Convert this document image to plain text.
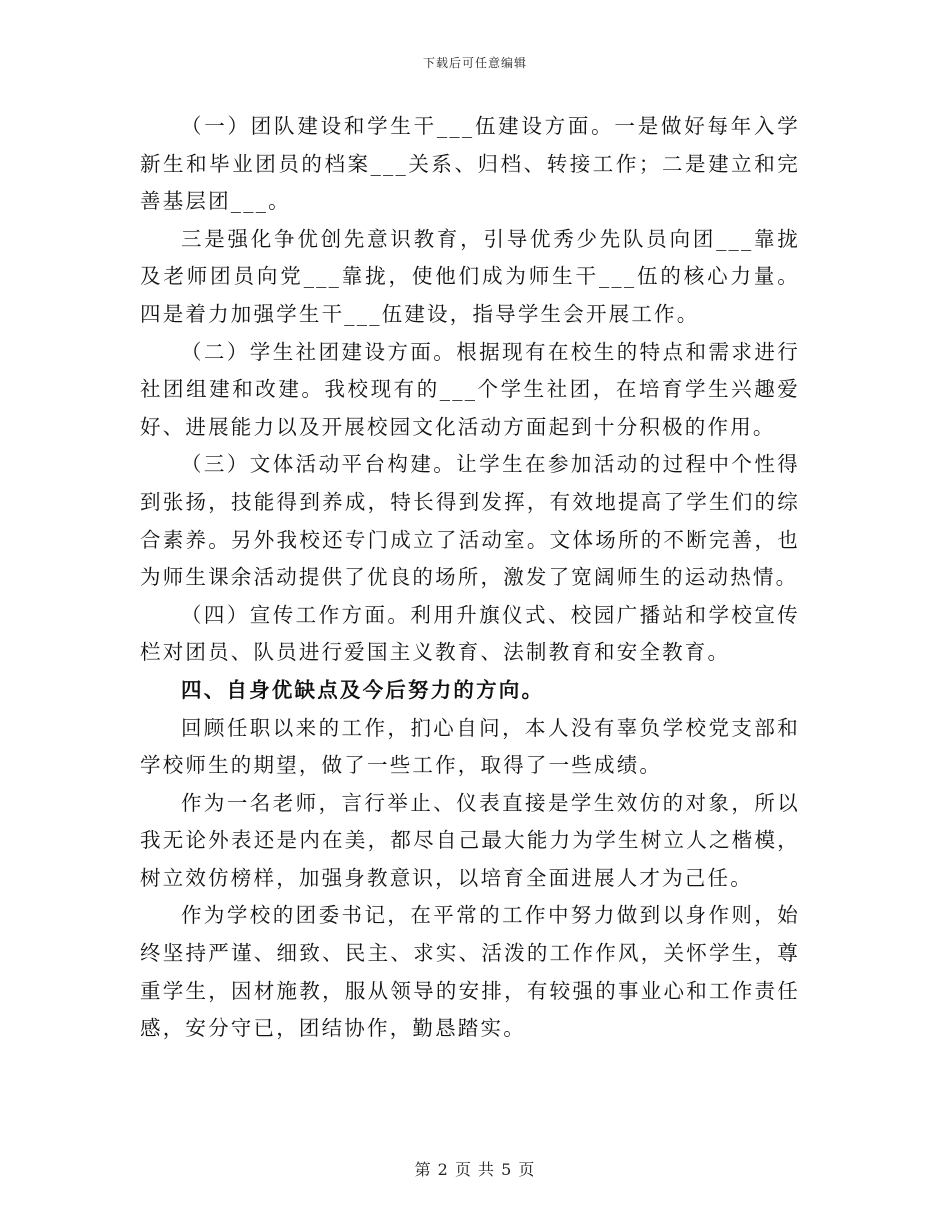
下载后可任意编辑

（一）团队建设和学生干___伍建设方面。一是做好每年入学新生和毕业团员的档案___关系、归档、转接工作；二是建立和完善基层团___。

三是强化争优创先意识教育，引导优秀少先队员向团___靠拢及老师团员向党___靠拢，使他们成为师生干___伍的核心力量。四是着力加强学生干___伍建设，指导学生会开展工作。

（二）学生社团建设方面。根据现有在校生的特点和需求进行社团组建和改建。我校现有的___个学生社团，在培育学生兴趣爱好、进展能力以及开展校园文化活动方面起到十分积极的作用。

（三）文体活动平台构建。让学生在参加活动的过程中个性得到张扬，技能得到养成，特长得到发挥，有效地提高了学生们的综合素养。另外我校还专门成立了活动室。文体场所的不断完善，也为师生课余活动提供了优良的场所，激发了宽阔师生的运动热情。

（四）宣传工作方面。利用升旗仪式、校园广播站和学校宣传栏对团员、队员进行爱国主义教育、法制教育和安全教育。

四、自身优缺点及今后努力的方向。

回顾任职以来的工作，扪心自问，本人没有辜负学校党支部和学校师生的期望，做了一些工作，取得了一些成绩。

作为一名老师，言行举止、仪表直接是学生效仿的对象，所以我无论外表还是内在美，都尽自己最大能力为学生树立人之楷模，树立效仿榜样，加强身教意识，以培育全面进展人才为己任。

作为学校的团委书记，在平常的工作中努力做到以身作则，始终坚持严谨、细致、民主、求实、活泼的工作作风，关怀学生，尊重学生，因材施教，服从领导的安排，有较强的事业心和工作责任感，安分守已，团结协作，勤恳踏实。

第 2 页 共 5 页
